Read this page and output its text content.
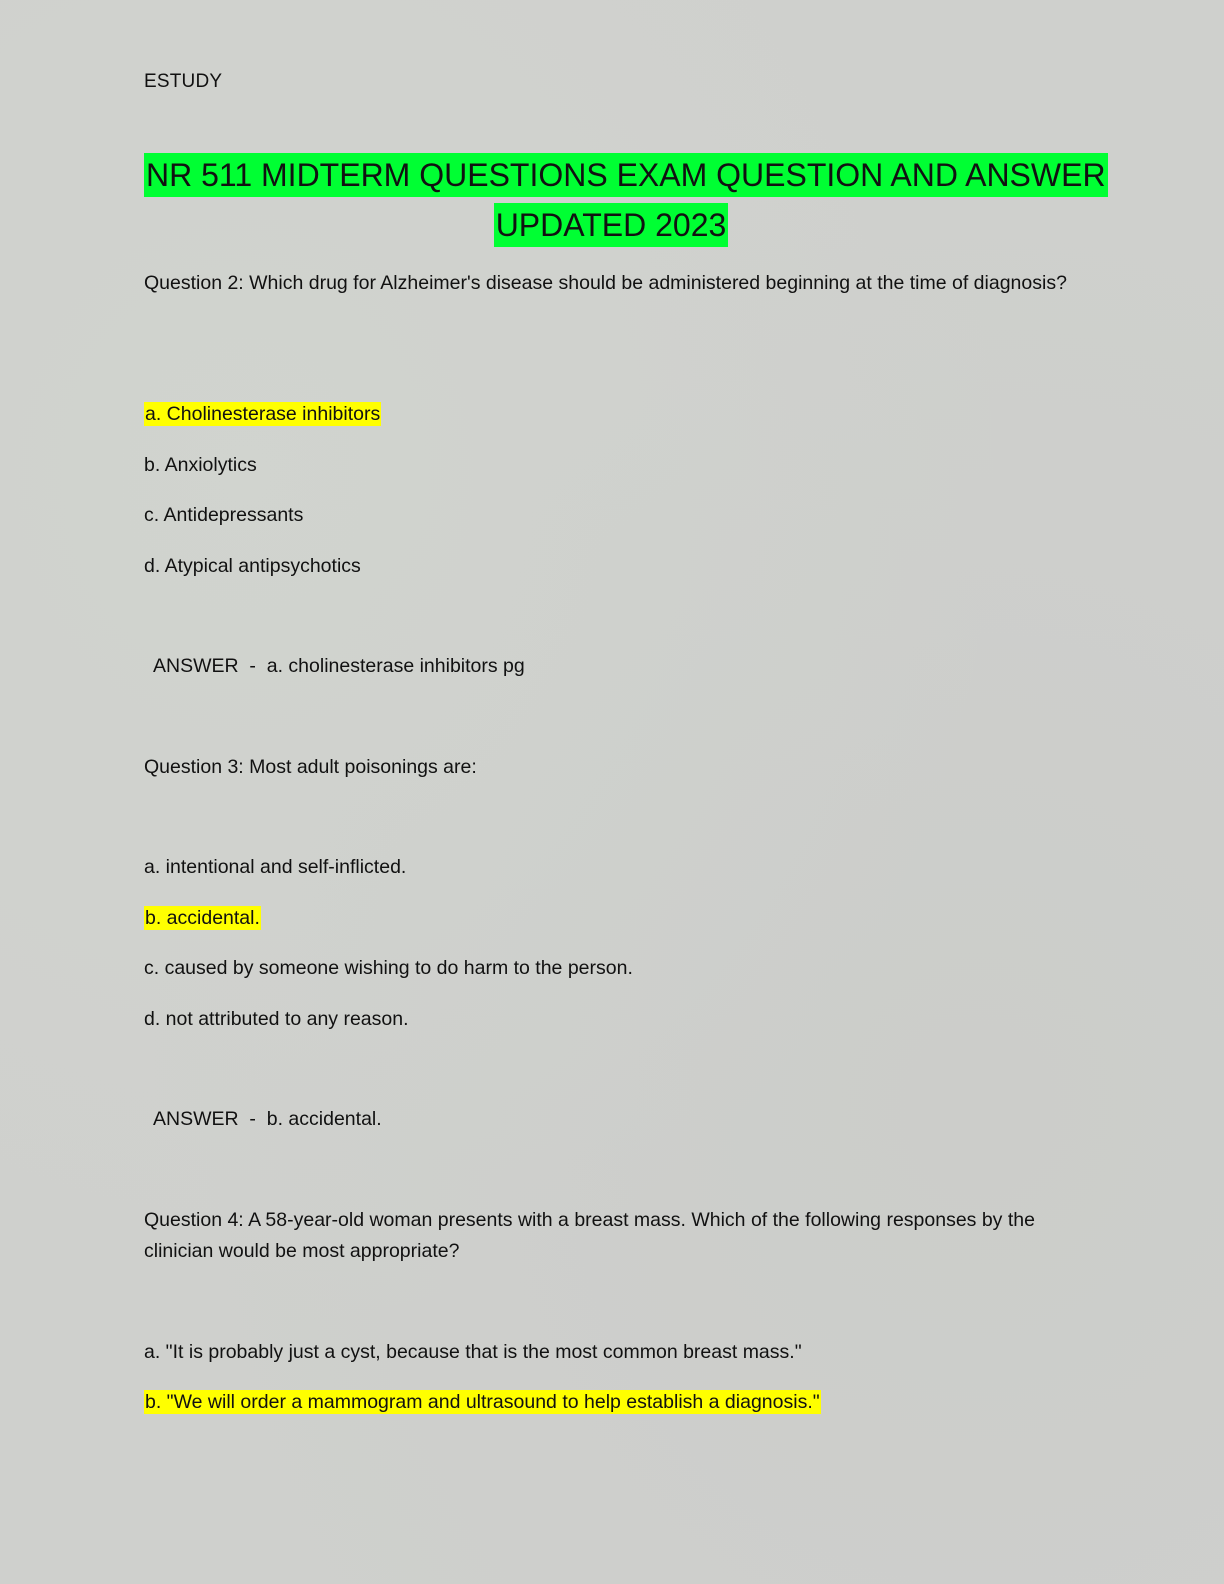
ESTUDY
NR 511 MIDTERM QUESTIONS EXAM QUESTION AND ANSWER
UPDATED 2023
Question 2: Which drug for Alzheimer's disease should be administered beginning at the time of diagnosis?
a. Cholinesterase inhibitors
b. Anxiolytics
c. Antidepressants
d. Atypical antipsychotics
ANSWER  -  a. cholinesterase inhibitors pg
Question 3: Most adult poisonings are:
a. intentional and self-inflicted.
b. accidental.
c. caused by someone wishing to do harm to the person.
d. not attributed to any reason.
ANSWER  -  b. accidental.
Question 4: A 58-year-old woman presents with a breast mass. Which of the following responses by the clinician would be most appropriate?
a. "It is probably just a cyst, because that is the most common breast mass."
b. "We will order a mammogram and ultrasound to help establish a diagnosis."
